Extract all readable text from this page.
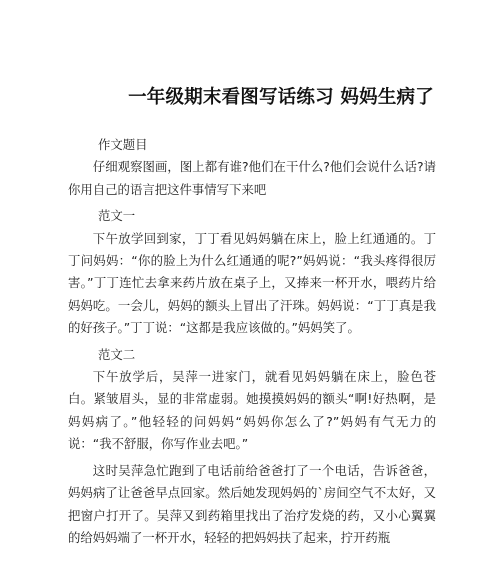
一年级期末看图写话练习 妈妈生病了

作文题目

仔细观察图画，图上都有谁?他们在干什么?他们会说什么话?请你用自己的语言把这件事情写下来吧

范文一

下午放学回到家，丁丁看见妈妈躺在床上，脸上红通通的。丁丁问妈妈：“你的脸上为什么红通通的呢?”妈妈说：“我头疼得很厉害。”丁丁连忙去拿来药片放在桌子上，又捧来一杯开水，喂药片给妈妈吃。一会儿，妈妈的额头上冒出了汗珠。妈妈说：“丁丁真是我的好孩子。”丁丁说：“这都是我应该做的。”妈妈笑了。

范文二

下午放学后，吴萍一进家门，就看见妈妈躺在床上，脸色苍白。紧皱眉头，显的非常虚弱。她摸摸妈妈的额头“啊!好热啊，是妈妈病了。”他轻轻的问妈妈“妈妈你怎么了?”妈妈有气无力的说：“我不舒服，你写作业去吧。”

这时吴萍急忙跑到了电话前给爸爸打了一个电话，告诉爸爸，妈妈病了让爸爸早点回家。然后她发现妈妈的`房间空气不太好，又把窗户打开了。吴萍又到药箱里找出了治疗发烧的药，又小心翼翼的给妈妈端了一杯开水，轻轻的把妈妈扶了起来，拧开药瓶
